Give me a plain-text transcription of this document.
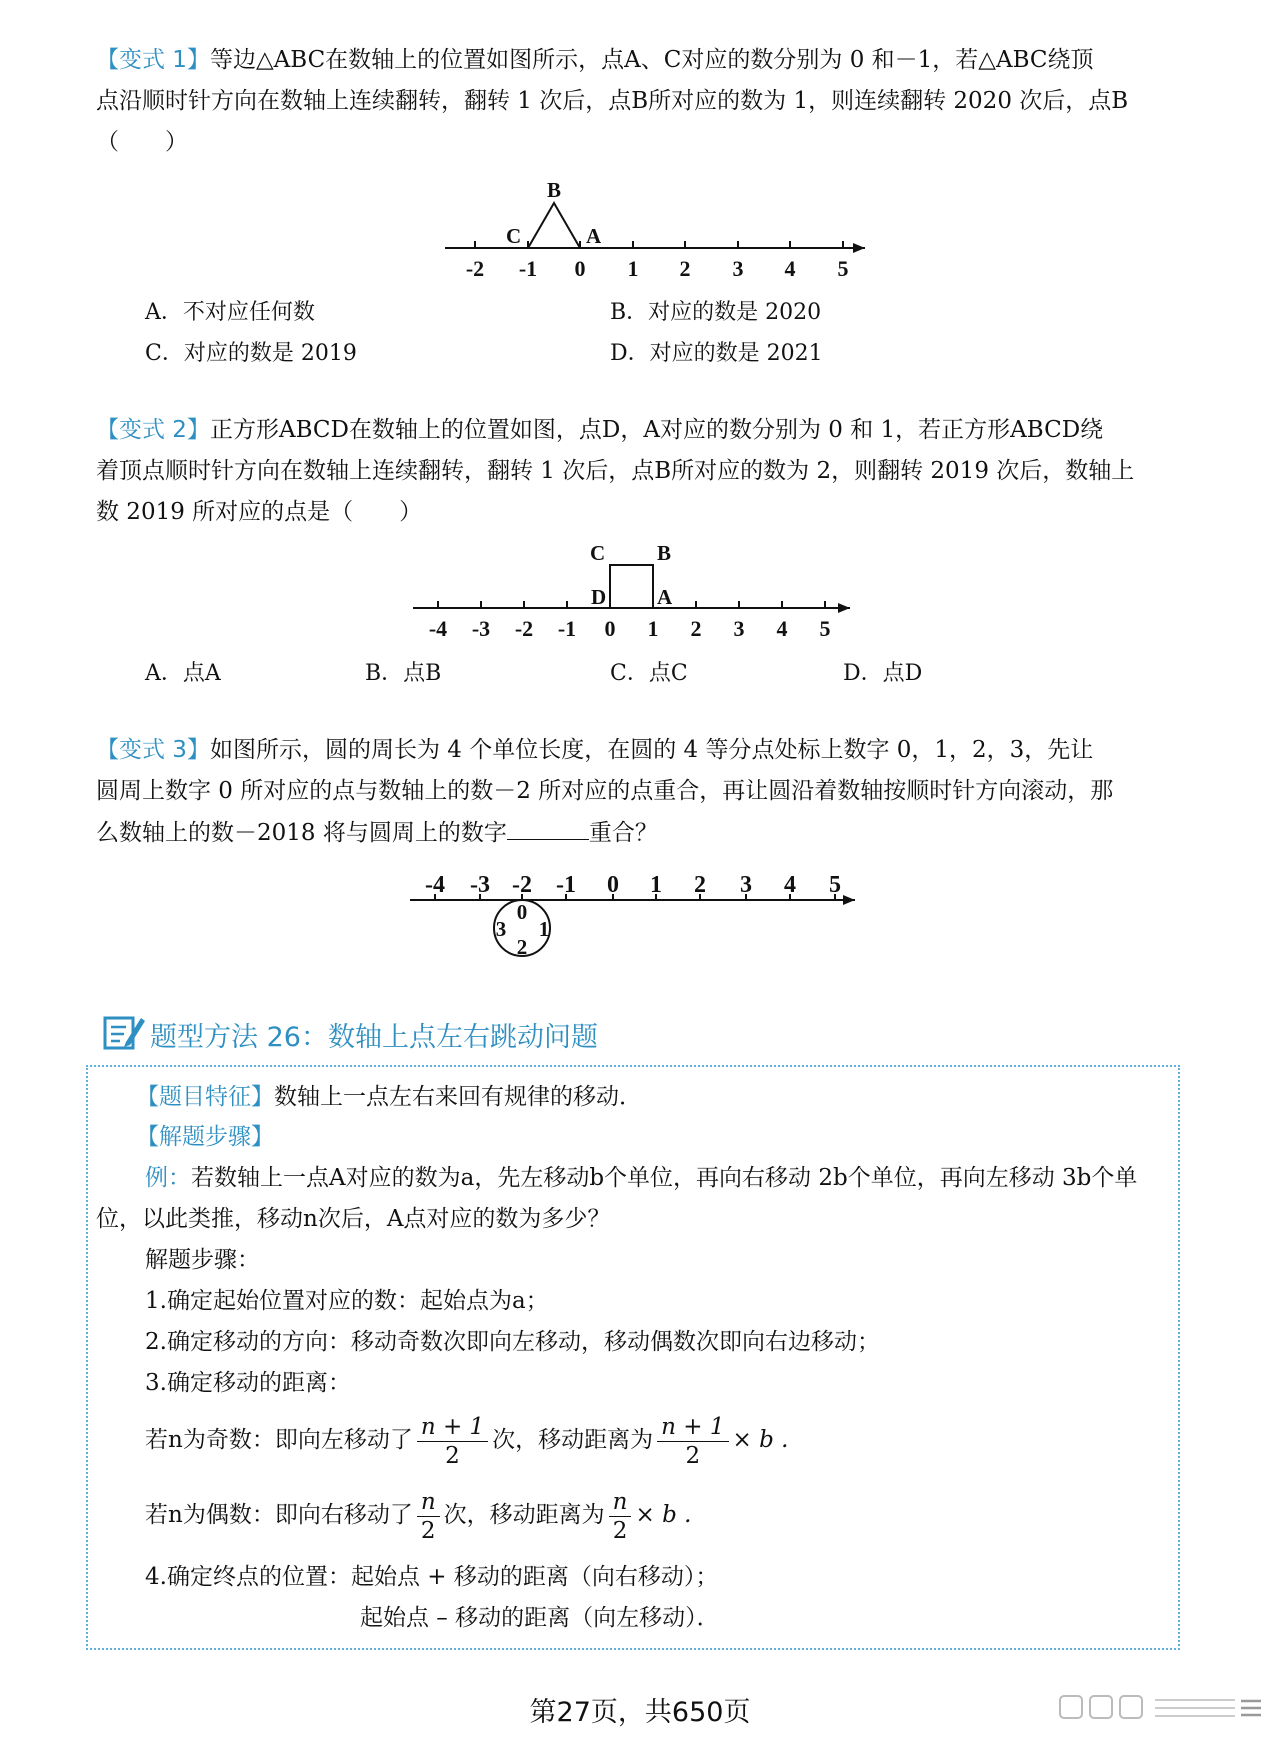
【变式 1】等边△ABC在数轴上的位置如图所示，点A、C对应的数分别为 0 和－1，若△ABC绕顶
点沿顺时针方向在数轴上连续翻转，翻转 1 次后，点B所对应的数为 1，则连续翻转 2020 次后，点B
（　　）
B
C	A
-2 -1 0 1 2 3 4 5
A．不对应任何数	B．对应的数是 2020
C．对应的数是 2019	D．对应的数是 2021
【变式 2】正方形ABCD在数轴上的位置如图，点D，A对应的数分别为 0 和 1，若正方形ABCD绕
着顶点顺时针方向在数轴上连续翻转，翻转 1 次后，点B所对应的数为 2，则翻转 2019 次后，数轴上
数 2019 所对应的点是（　　）
C B
D A
-4 -3 -2 -1 0 1 2 3 4 5
A．点A	B．点B	C．点C	D．点D
【变式 3】如图所示，圆的周长为 4 个单位长度，在圆的 4 等分点处标上数字 0，1，2，3，先让
圆周上数字 0 所对应的点与数轴上的数－2 所对应的点重合，再让圆沿着数轴按顺时针方向滚动，那
么数轴上的数－2018 将与圆周上的数字	重合？
-4 -3 -2 -1 0 1 2 3 4 5
0
1
2
3
题型方法 26：数轴上点左右跳动问题
【题目特征】数轴上一点左右来回有规律的移动．
【解题步骤】
例：若数轴上一点A对应的数为a，先左移动b个单位，再向右移动 2b个单位，再向左移动 3b个单
位，以此类推，移动n次后，A点对应的数为多少？
解题步骤：
1.确定起始位置对应的数：起始点为a；
2.确定移动的方向：移动奇数次即向左移动，移动偶数次即向右边移动；
3.确定移动的距离：
若n为奇数：即向左移动了 $\frac{n + 1}{2}$ 次，移动距离为 $\frac{n + 1}{2} \times b$ .
若n为偶数：即向右移动了 $\frac{n}{2}$ 次，移动距离为 $\frac{n}{2} \times b$ .
4.确定终点的位置：起始点 + 移动的距离（向右移动）；
起始点 – 移动的距离（向左移动）．
第27页，共650页
